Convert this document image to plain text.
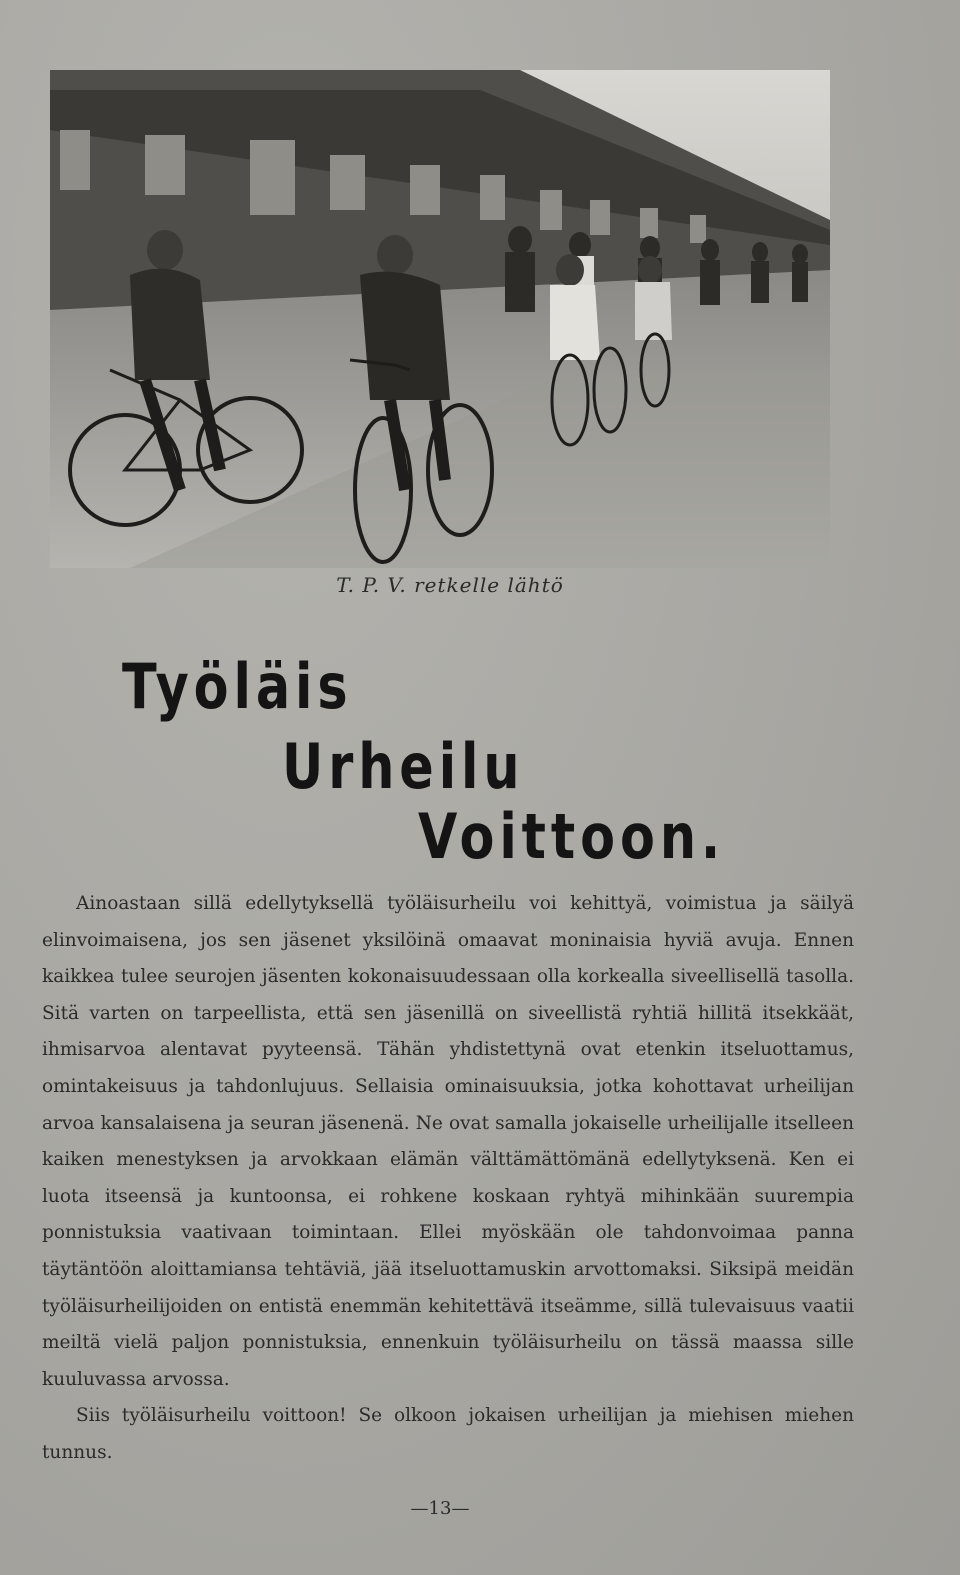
T. P. V. retkelle lähtö
Työläis
Urheilu
Voittoon.

Ainoastaan sillä edellytyksellä työläisurheilu voi kehittyä, voimistua ja säilyä elinvoimaisena, jos sen jäsenet yksilöinä omaavat moninaisia hyviä avuja. Ennen kaikkea tulee seurojen jäsenten kokonaisuudessaan olla korkealla siveellisellä tasolla. Sitä varten on tarpeellista, että sen jäsenillä on siveellistä ryhtiä hillitä itsekkäät, ihmisarvoa alentavat pyyteensä. Tähän yhdistettynä ovat etenkin itseluottamus, omintakeisuus ja tahdonlujuus. Sellaisia ominaisuuksia, jotka kohottavat urheilijan arvoa kansalaisena ja seuran jäsenenä. Ne ovat samalla jokaiselle urheilijalle itselleen kaiken menestyksen ja arvokkaan elämän välttämättömänä edellytyksenä. Ken ei luota itseensä ja kuntoonsa, ei rohkene koskaan ryhtyä mihinkään suurempia ponnistuksia vaativaan toimintaan. Ellei myöskään ole tahdonvoimaa panna täytäntöön aloittamiansa tehtäviä, jää itseluottamuskin arvottomaksi. Siksipä meidän työläisurheilijoiden on entistä enemmän kehitettävä itseämme, sillä tulevaisuus vaatii meiltä vielä paljon ponnistuksia, ennenkuin työläisurheilu on tässä maassa sille kuuluvassa arvossa.

Siis työläisurheilu voittoon! Se olkoon jokaisen urheilijan ja miehisen miehen tunnus.

—13—
